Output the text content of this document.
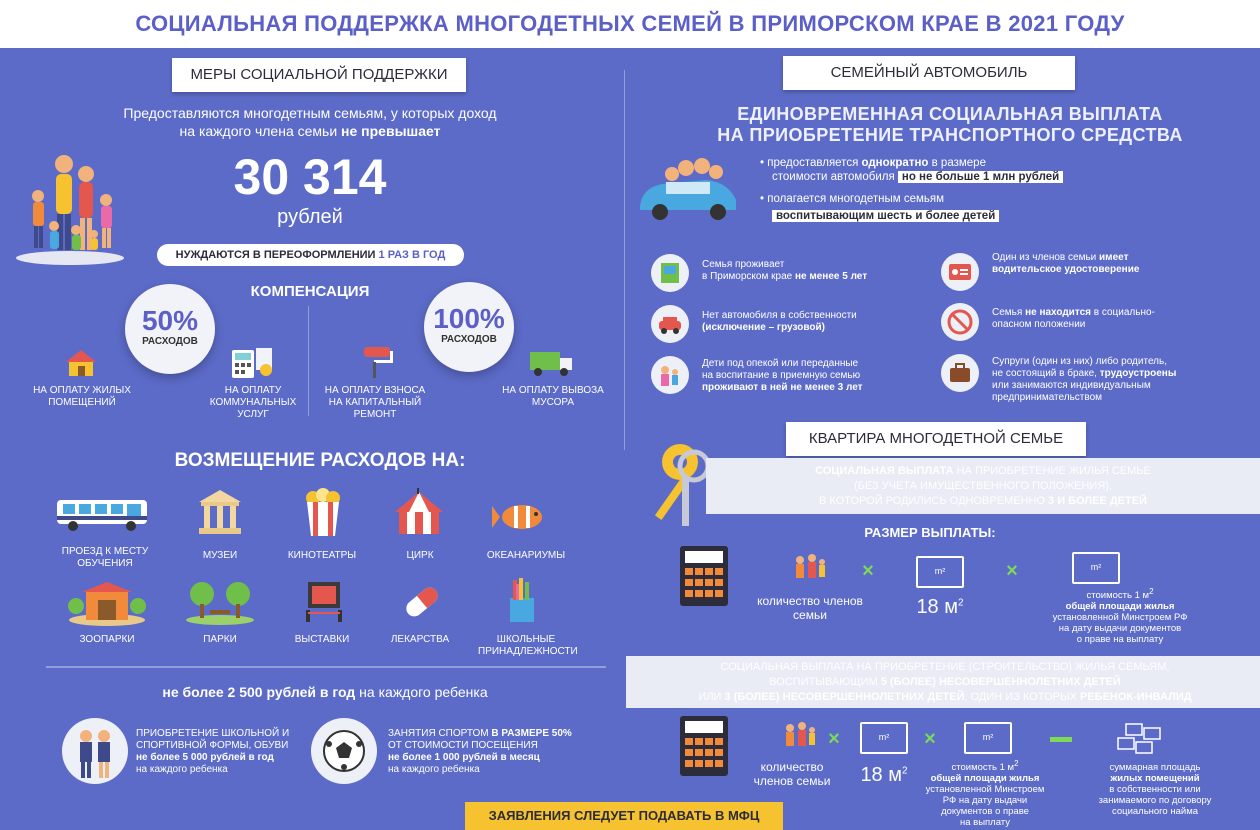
СОЦИАЛЬНАЯ ПОДДЕРЖКА МНОГОДЕТНЫХ СЕМЕЙ В ПРИМОРСКОМ КРАЕ В 2021 ГОДУ
МЕРЫ СОЦИАЛЬНОЙ ПОДДЕРЖКИ
Предоставляются многодетным семьям, у которых доход
на каждого члена семьи не превышает
30 314
рублей
НУЖДАЮТСЯ В ПЕРЕОФОРМЛЕНИИ 1 РАЗ В ГОД
КОМПЕНСАЦИЯ
50%
РАСХОДОВ
100%
РАСХОДОВ
НА ОПЛАТУ ЖИЛЫХ ПОМЕЩЕНИЙ
НА ОПЛАТУ КОММУНАЛЬНЫХ УСЛУГ
НА ОПЛАТУ ВЗНОСА НА КАПИТАЛЬНЫЙ РЕМОНТ
НА ОПЛАТУ ВЫВОЗА МУСОРА
ВОЗМЕЩЕНИЕ РАСХОДОВ НА:
ПРОЕЗД К МЕСТУ ОБУЧЕНИЯ
МУЗЕИ	КИНОТЕАТРЫ	ЦИРК	ОКЕАНАРИУМЫ
ЗООПАРКИ	ПАРКИ	ВЫСТАВКИ	ЛЕКАРСТВА	ШКОЛЬНЫЕ ПРИНАДЛЕЖНОСТИ
не более 2 500 рублей в год на каждого ребенка
ПРИОБРЕТЕНИЕ ШКОЛЬНОЙ И СПОРТИВНОЙ ФОРМЫ, ОБУВИ
не более 5 000 рублей в год
на каждого ребенка
ЗАНЯТИЯ СПОРТОМ В РАЗМЕРЕ 50%
ОТ СТОИМОСТИ ПОСЕЩЕНИЯ
не более 1 000 рублей в месяц
на каждого ребенка
ЗАЯВЛЕНИЯ СЛЕДУЕТ ПОДАВАТЬ В МФЦ
СЕМЕЙНЫЙ АВТОМОБИЛЬ
ЕДИНОВРЕМЕННАЯ СОЦИАЛЬНАЯ ВЫПЛАТА
НА ПРИОБРЕТЕНИЕ ТРАНСПОРТНОГО СРЕДСТВА
• предоставляется однократно в размере
стоимости автомобиля но не больше 1 млн рублей
• полагается многодетным семьям
воспитывающим шесть и более детей
Семья проживает
в Приморском крае не менее 5 лет
Один из членов семьи имеет
водительское удостоверение
Нет автомобиля в собственности
(исключение – грузовой)
Семья не находится в социально-
опасном положении
Дети под опекой или переданные
на воспитание в приемную семью
проживают в ней не менее 3 лет
Супруги (один из них) либо родитель,
не состоящий в браке, трудоустроены
или занимаются индивидуальным
предпринимательством
КВАРТИРА МНОГОДЕТНОЙ СЕМЬЕ
СОЦИАЛЬНАЯ ВЫПЛАТА НА ПРИОБРЕТЕНИЕ ЖИЛЬЯ СЕМЬЕ
(БЕЗ УЧЕТА ИМУЩЕСТВЕННОГО ПОЛОЖЕНИЯ),
В КОТОРОЙ РОДИЛИСЬ ОДНОВРЕМЕННО 3 И БОЛЕЕ ДЕТЕЙ
РАЗМЕР ВЫПЛАТЫ:
×	m²	×	m²
количество членов семьи	18 $м^2$
стоимость 1 $м^2$
общей площади жилья
установленной Минстроем РФ
на дату выдачи документов
о праве на выплату
СОЦИАЛЬНАЯ ВЫПЛАТА НА ПРИОБРЕТЕНИЕ (СТРОИТЕЛЬСТВО) ЖИЛЬЯ СЕМЬЯМ,
ВОСПИТЫВАЮЩИМ 5 (БОЛЕЕ) НЕСОВЕРШЕННОЛЕТНИХ ДЕТЕЙ
ИЛИ 3 (БОЛЕЕ) НЕСОВЕРШЕННОЛЕТНИХ ДЕТЕЙ, ОДИН ИЗ КОТОРЫХ РЕБЕНОК-ИНВАЛИД
×	m²	×	m²
количество членов семьи	18 $м^2$	стоимость 1 $м^2$
общей площади жилья
установленной Минстроем
РФ на дату выдачи
документов о праве
на выплату
суммарная площадь
жилых помещений
в собственности или
занимаемого по договору
социального найма
